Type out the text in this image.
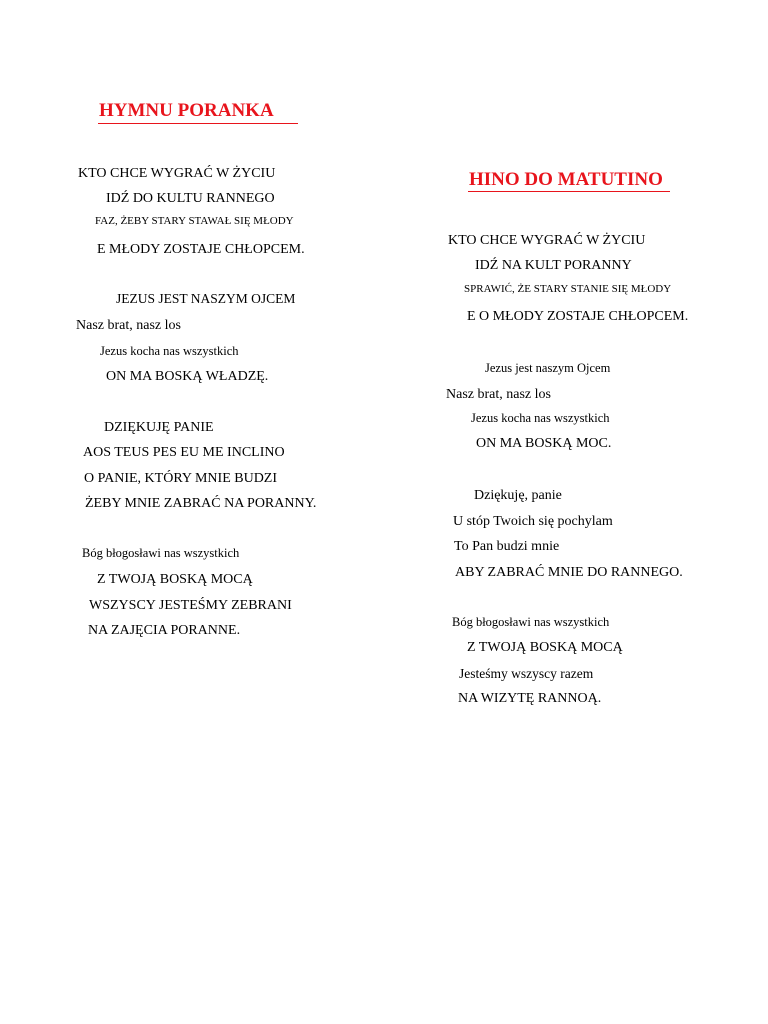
HYMNU PORANKA

KTO CHCE WYGRAĆ W ŻYCIU

IDŹ DO KULTU RANNEGO

FAZ, ŻEBY STARY STAWAŁ SIĘ MŁODY

E MŁODY ZOSTAJE CHŁOPCEM.

JEZUS JEST NASZYM OJCEM

Nasz brat, nasz los

Jezus kocha nas wszystkich

ON MA BOSKĄ WŁADZĘ.

DZIĘKUJĘ PANIE

AOS TEUS PES EU ME INCLINO

O PANIE, KTÓRY MNIE BUDZI

ŻEBY MNIE ZABRAĆ NA PORANNY.

Bóg błogosławi nas wszystkich

Z TWOJĄ BOSKĄ MOCĄ

WSZYSCY JESTEŚMY ZEBRANI

NA ZAJĘCIA PORANNE.

HINO DO MATUTINO

KTO CHCE WYGRAĆ W ŻYCIU

IDŹ NA KULT PORANNY

SPRAWIĆ, ŻE STARY STANIE SIĘ MŁODY

E O MŁODY ZOSTAJE CHŁOPCEM.

Jezus jest naszym Ojcem

Nasz brat, nasz los

Jezus kocha nas wszystkich

ON MA BOSKĄ MOC.

Dziękuję, panie

U stóp Twoich się pochylam

To Pan budzi mnie

ABY ZABRAĆ MNIE DO RANNEGO.

Bóg błogosławi nas wszystkich

Z TWOJĄ BOSKĄ MOCĄ

Jesteśmy wszyscy razem

NA WIZYTĘ RANNOĄ.
